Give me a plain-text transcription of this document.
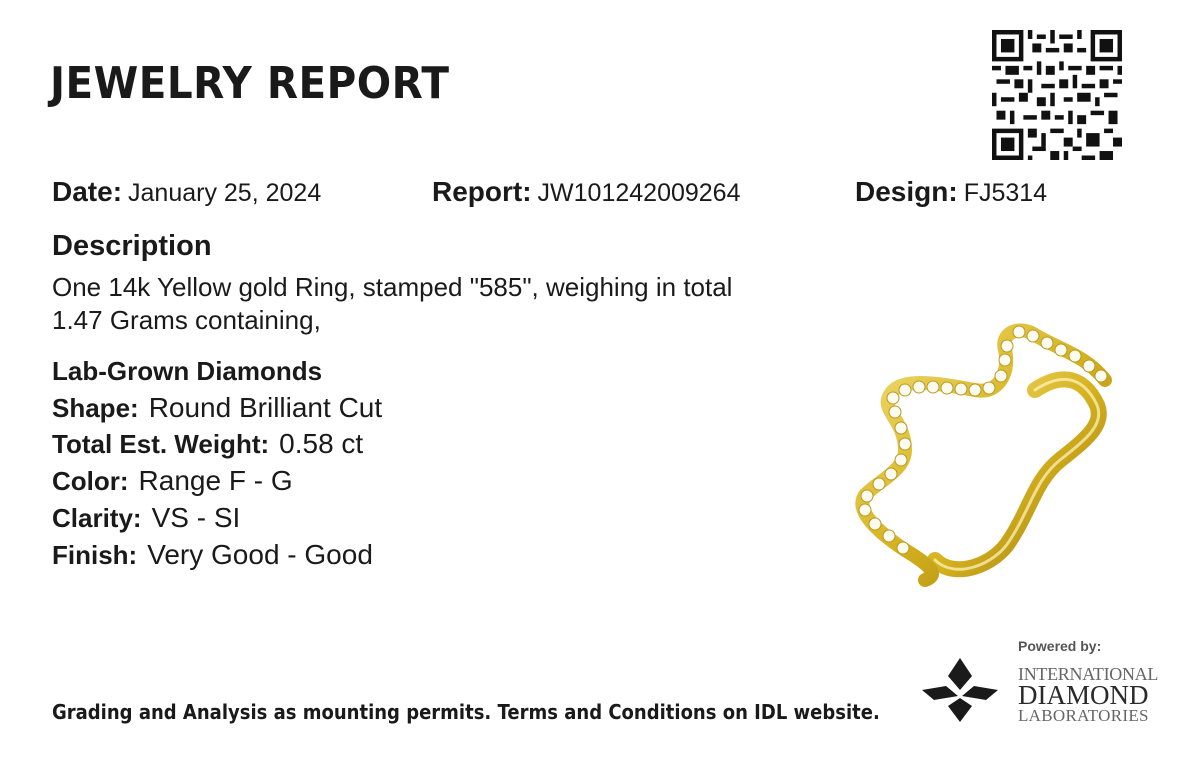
JEWELRY REPORT
Date: January 25, 2024	Report: JW101242009264	Design: FJ5314
Description
One 14k Yellow gold Ring, stamped "585", weighing in total
1.47 Grams containing,
Lab-Grown Diamonds
Shape: Round Brilliant Cut
Total Est. Weight: 0.58 ct
Color: Range F - G
Clarity: VS - SI
Finish: Very Good - Good
Grading and Analysis as mounting permits. Terms and Conditions on IDL website.
Powered by:
INTERNATIONAL
DIAMOND
LABORATORIES
